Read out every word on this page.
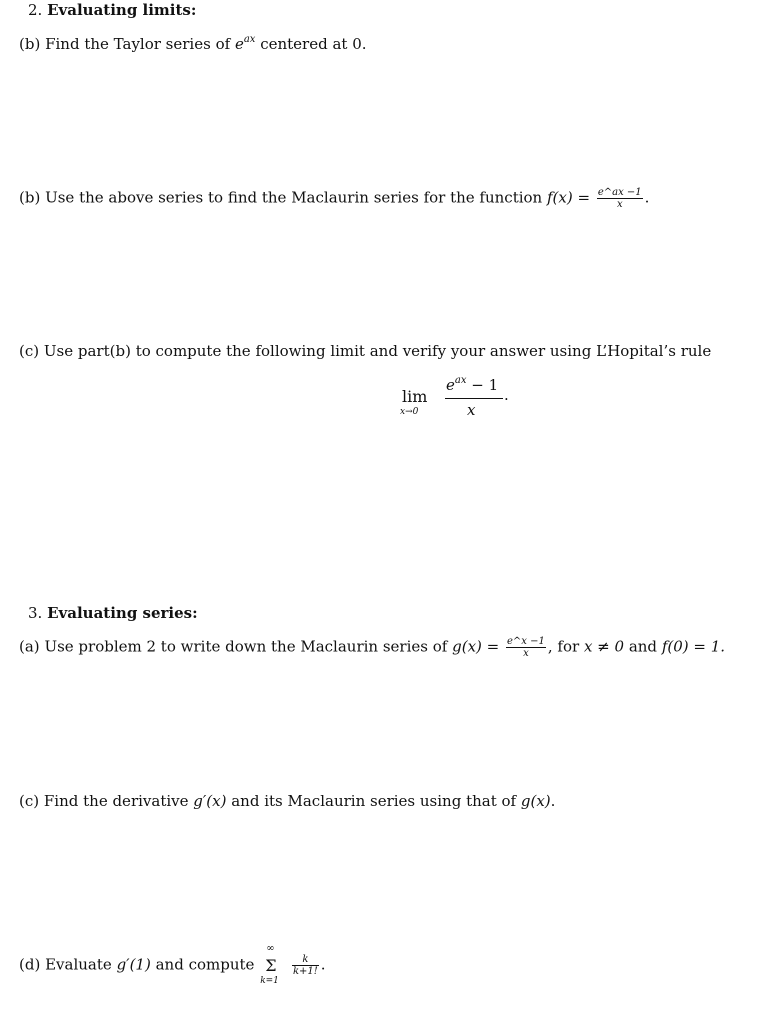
2. Evaluating limits:
(b) Find the Taylor series of $e^{ax}$ centered at 0.
(b) Use the above series to find the Maclaurin series for the function $f(x) = \frac{e\^{}ax -1}{x}$ .
(c) Use part(b) to compute the following limit and verify your answer using L’Hopital’s rule
lim
x→0
$e^{ax} - 1$
x
.
3. Evaluating series:
(a) Use problem 2 to write down the Maclaurin series of $g(x) = \frac{e\^{}x -1}{x}$ , for x ≠ 0 and f(0) = 1.
(c) Find the derivative g′(x) and its Maclaurin series using that of g(x).
(d) Evaluate g′(1) and compute
∞
Σ
k=1

$\frac{k}{k+1!}$ .
